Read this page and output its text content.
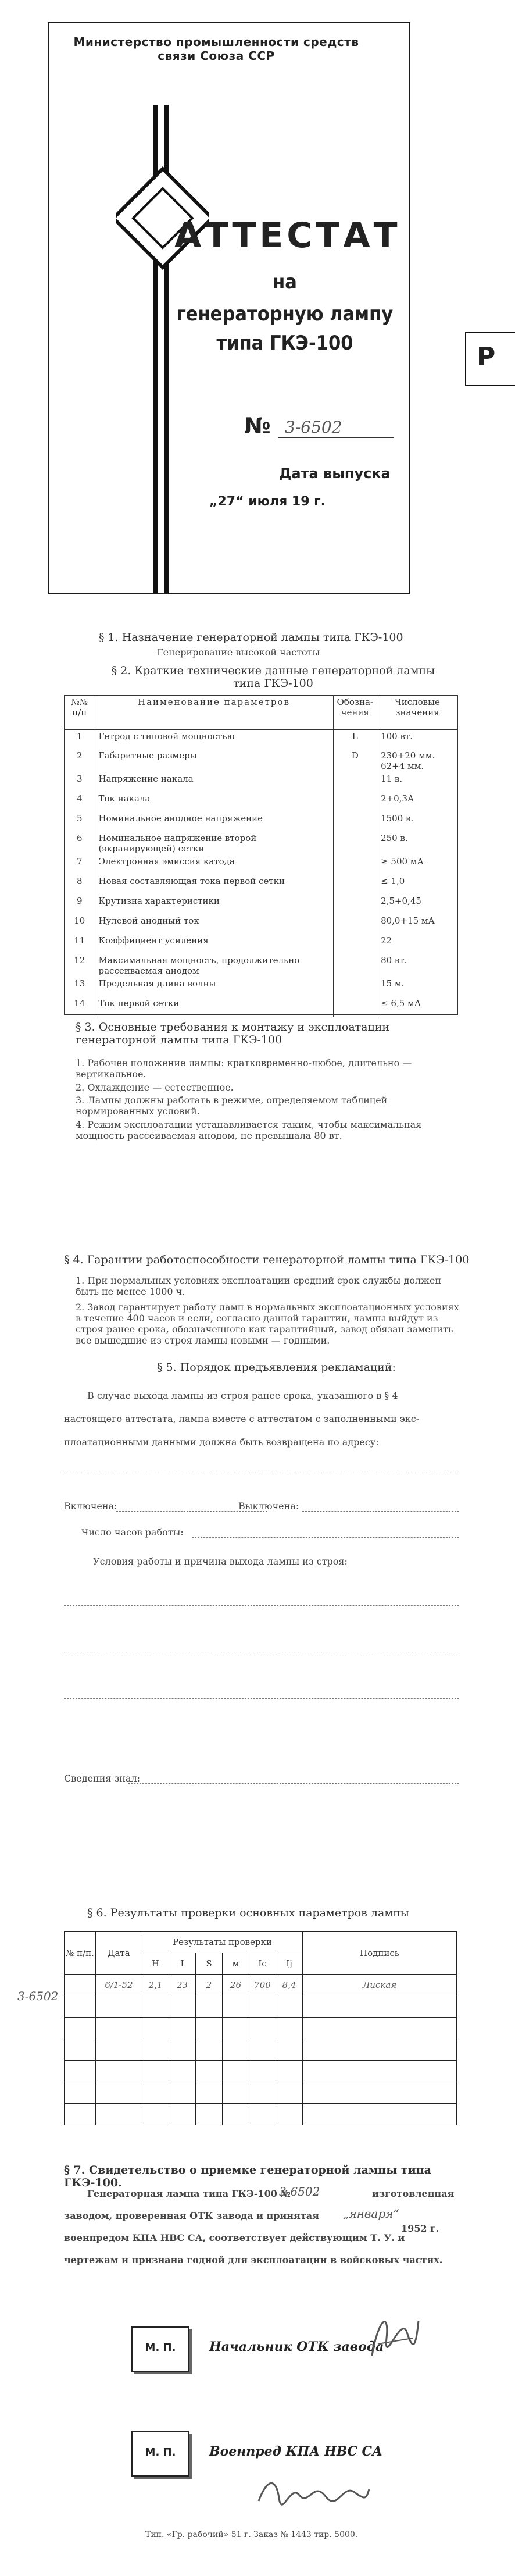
Министерство промышленности средств связи Союза ССР
АТТЕСТАТ
на
генераторную лампу
типа ГКЭ-100
№ 3-6502
Дата выпуска
„27“ июля 19 г.
Р
§ 1. Назначение генераторной лампы типа ГКЭ-100
Генерирование высокой частоты
§ 2. Краткие технические данные генераторной лампы типа ГКЭ-100
№№ п/п	Наименование параметров	Обозна-чения	Числовые значения
1	Гетрод с типовой мощностью	L	100 вт.
2	Габаритные размеры	D	230+20 мм. 62+4 мм.
3	Напряжение накала		11 в.
4	Ток накала		2+0,3А
5	Номинальное анодное напряжение		1500 в.
6	Номинальное напряжение второй (экранирующей) сетки		250 в.
7	Электронная эмиссия катода		≥ 500 мА
8	Новая составляющая тока первой сетки		≤ 1,0
9	Крутизна характеристики		2,5+0,45
10	Нулевой анодный ток		80,0+15 мА
11	Коэффициент усиления		22
12	Максимальная мощность, продолжительно рассеиваемая анодом		80 вт.
13	Предельная длина волны		15 м.
14	Ток первой сетки		≤ 6,5 мА
§ 3. Основные требования к монтажу и эксплоатации генераторной лампы типа ГКЭ-100
1. Рабочее положение лампы: кратковременно-любое, длительно — вертикальное.
2. Охлаждение — естественное.
3. Лампы должны работать в режиме, определяемом таблицей нормированных условий.
4. Режим эксплоатации устанавливается таким, чтобы максимальная мощность рассеиваемая анодом, не превышала 80 вт.
§ 4. Гарантии работоспособности генераторной лампы типа ГКЭ-100
1. При нормальных условиях эксплоатации средний срок службы должен быть не менее 1000 ч.
2. Завод гарантирует работу ламп в нормальных эксплоатационных условиях в течение 400 часов и если, согласно данной гарантии, лампы выйдут из строя ранее срока, обозначенного как гарантийный, завод обязан заменить все вышедшие из строя лампы новыми — годными.
§ 5. Порядок предъявления рекламаций:
В случае выхода лампы из строя ранее срока, указанного в § 4
настоящего аттестата, лампа вместе с аттестатом с заполненными экс-
плоатационными данными должна быть возвращена по адресу:
Включена:	Выключена:
Число часов работы:
Условия работы и причина выхода лампы из строя:
Сведения знал:
§ 6. Результаты проверки основных параметров лампы
3-6502
№ п/п.	Дата	Результаты проверки						Подпись
		H	I	S	м	Ic	Ij	
	6/1-52	2,1	23	2	26	700	8,4	Лиская

§ 7. Свидетельство о приемке генераторной лампы типа ГКЭ-100.
Генераторная лампа типа ГКЭ-100 №
3-6502	изготовленная
заводом, проверенная ОТК завода и принятая „января“
военпредом КПА НВС СА, соответствует действующим Т. У. и
1952 г.
чертежам и признана годной для эксплоатации в войсковых частях.
М. П.	Начальник ОТК завода
М. П.	Военпред КПА НВС СА
Тип. «Гр. рабочий» 51 г. Заказ № 1443 тир. 5000.
